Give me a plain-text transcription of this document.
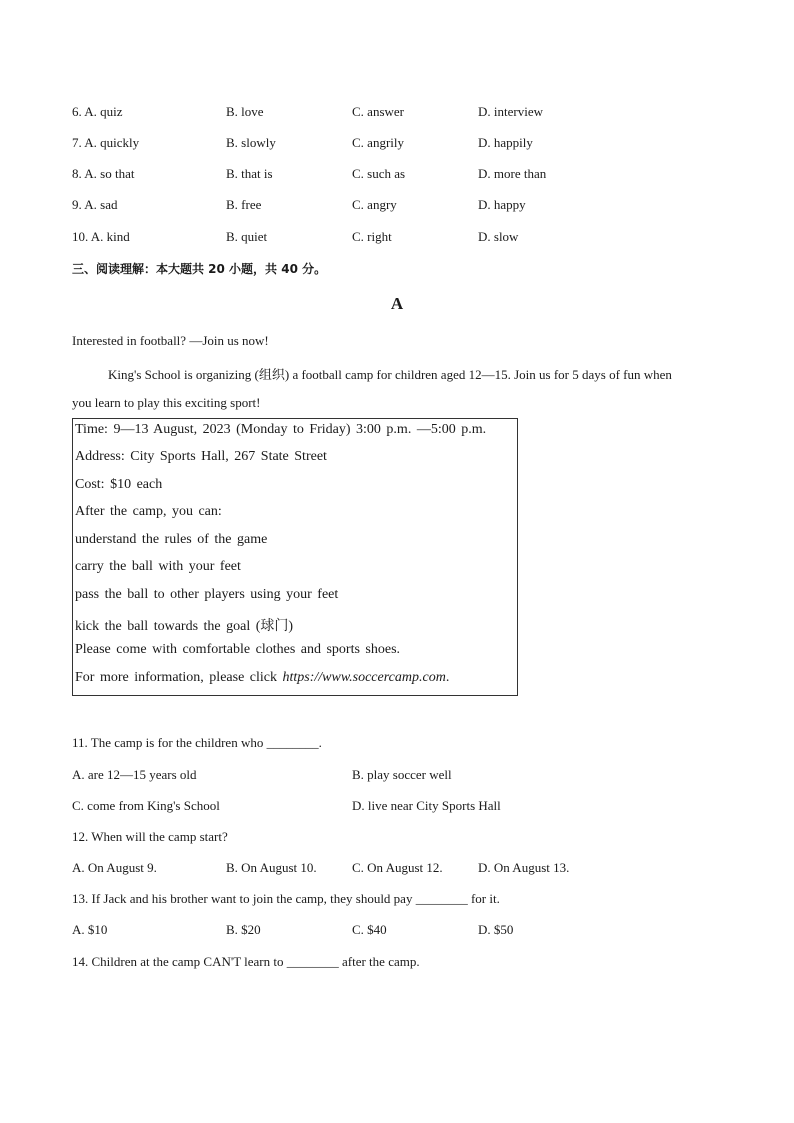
6. A. quiz	B. love	C. answer	D. interview
7. A. quickly	B. slowly	C. angrily	D. happily
8. A. so that	B. that is	C. such as	D. more than
9. A. sad	B. free	C. angry	D. happy
10. A. kind	B. quiet	C. right	D. slow
三、阅读理解：本大题共 20 小题，共 40 分。
A
Interested in football? —Join us now!
King's School is organizing (组织) a football camp for children aged 12—15. Join us for 5 days of fun when
you learn to play this exciting sport!
Time: 9—13 August, 2023 (Monday to Friday) 3:00 p.m. —5:00 p.m.
Address: City Sports Hall, 267 State Street
Cost: $10 each
After the camp, you can:
understand the rules of the game
carry the ball with your feet
pass the ball to other players using your feet
kick the ball towards the goal (球门)
Please come with comfortable clothes and sports shoes.
For more information, please click https://www.soccercamp.com.
11. The camp is for the children who ________.
A. are 12—15 years old	B. play soccer well
C. come from King's School	D. live near City Sports Hall
12. When will the camp start?
A. On August 9.	B. On August 10.	C. On August 12.	D. On August 13.
13. If Jack and his brother want to join the camp, they should pay ________ for it.
A. $10	B. $20	C. $40	D. $50
14. Children at the camp CAN'T learn to ________ after the camp.
